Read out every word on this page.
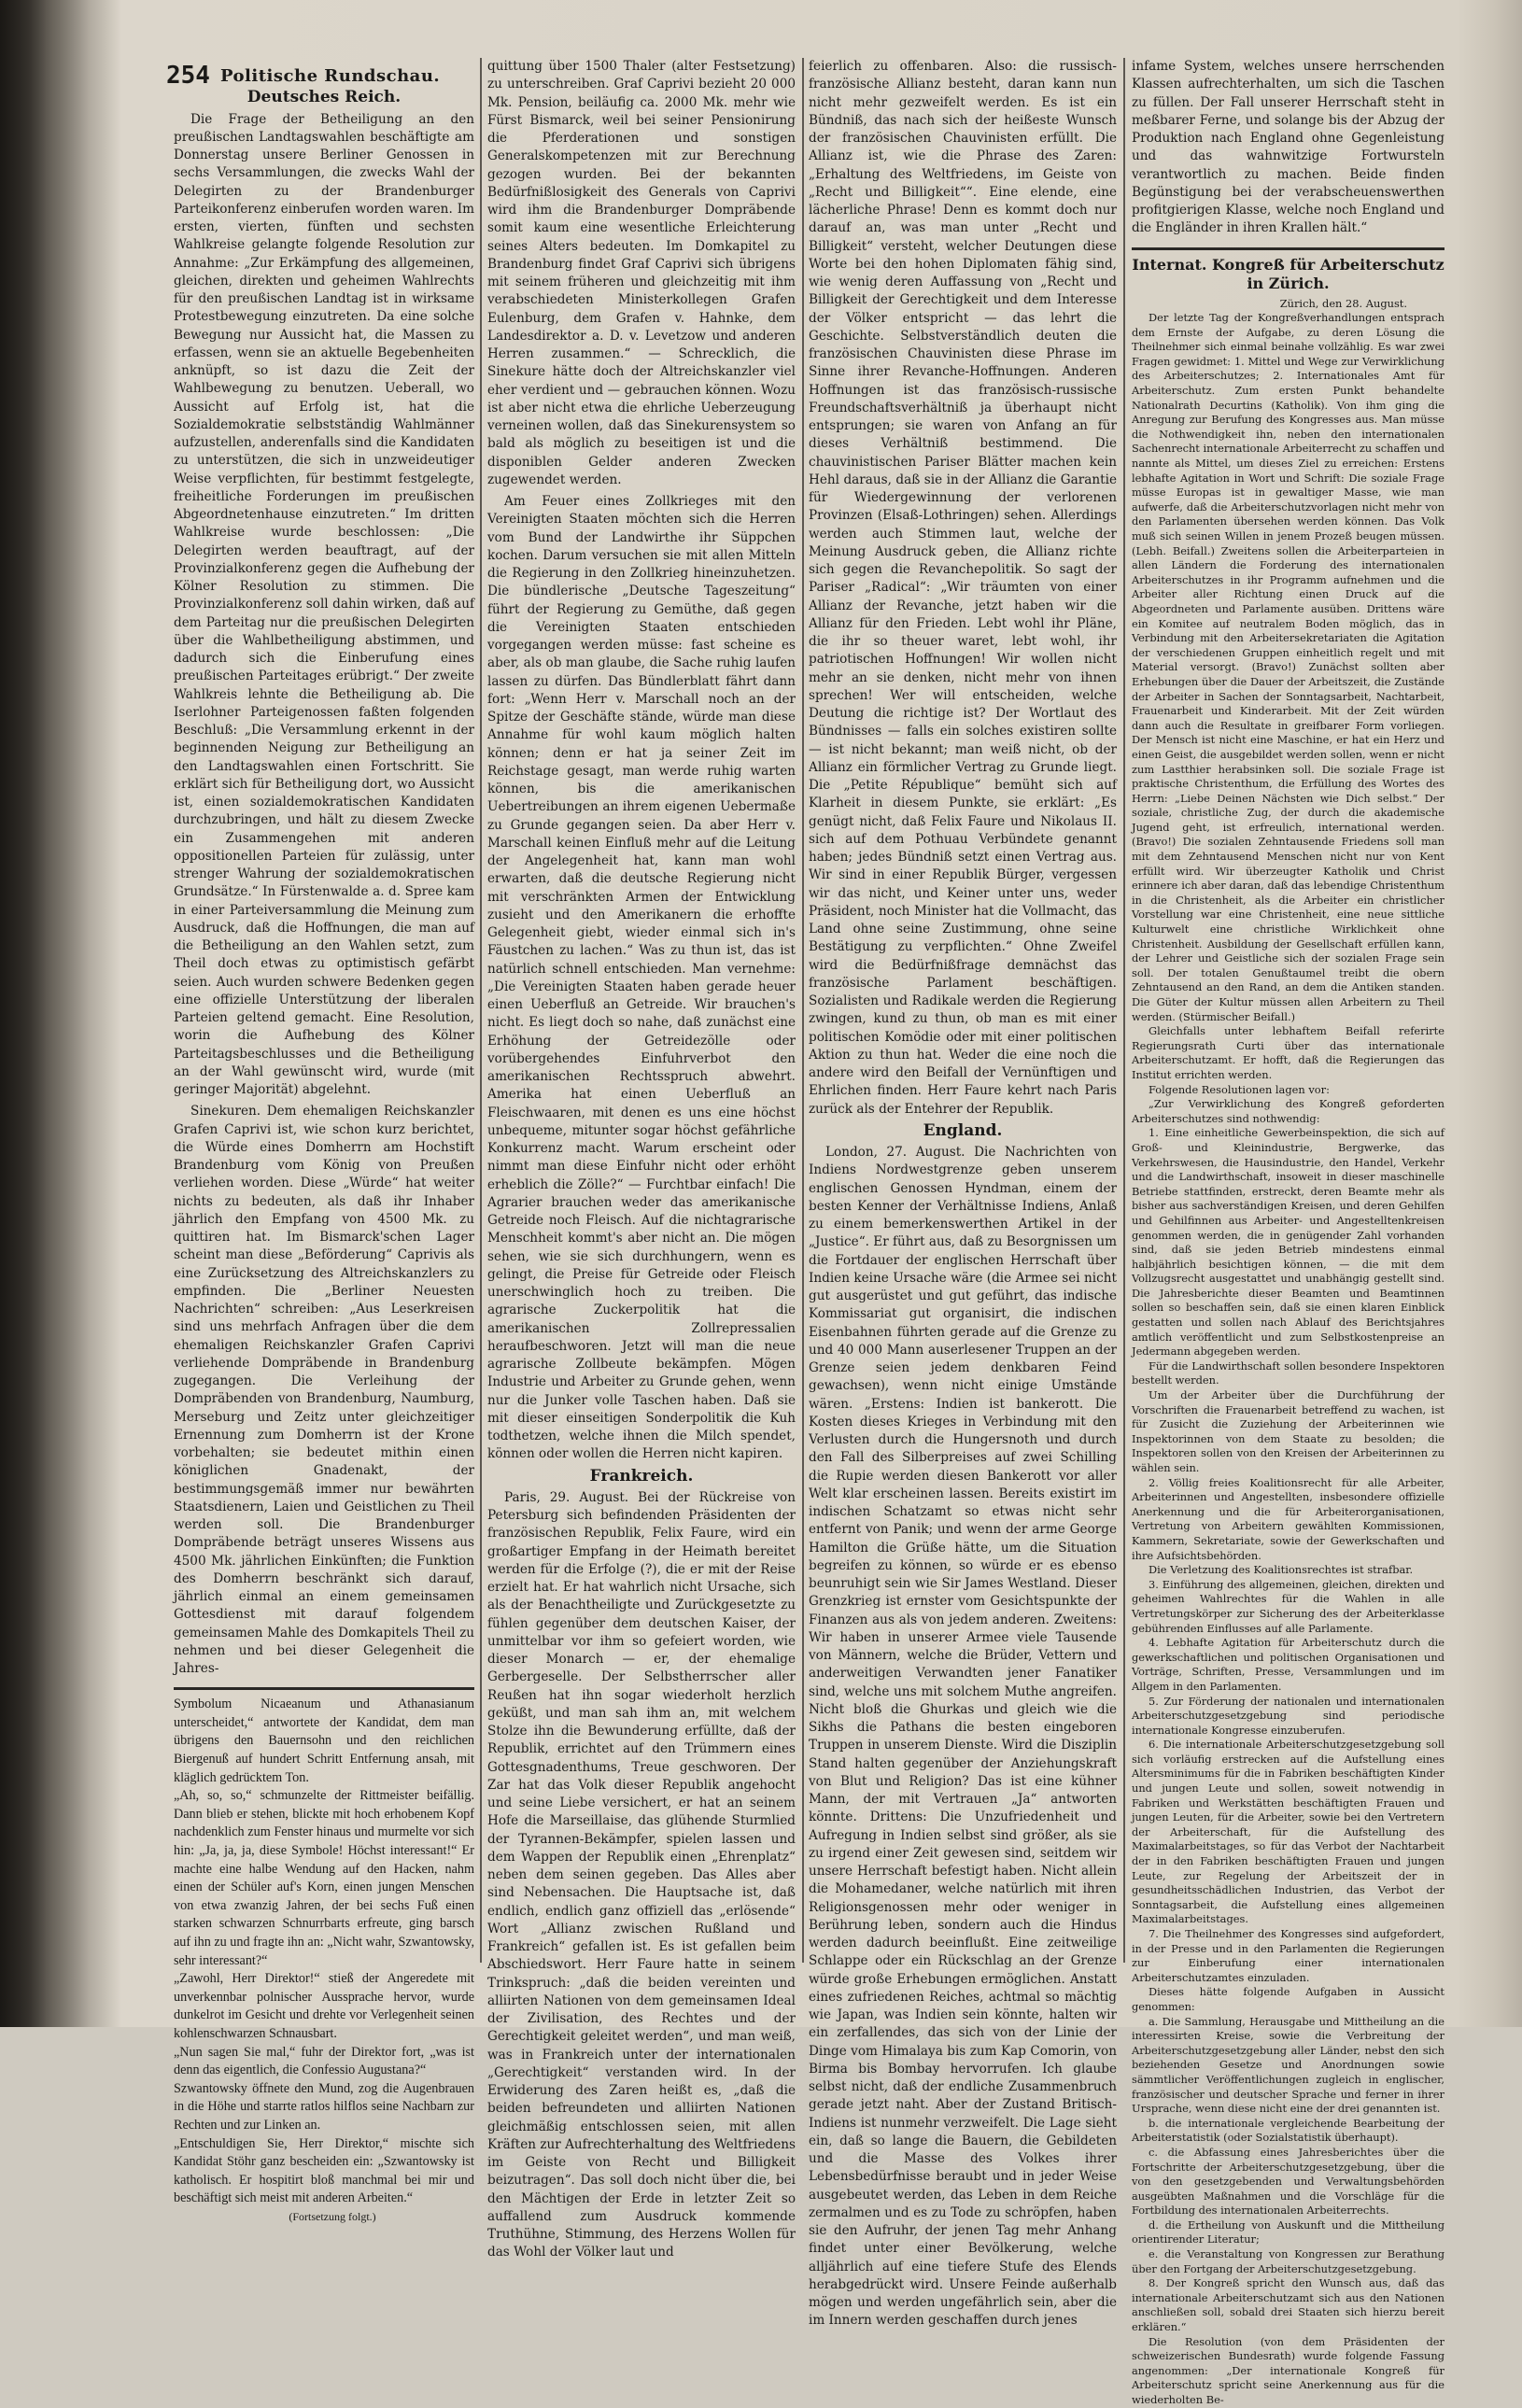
254 Politische Rundschau.
Deutsches Reich.

Die Frage der Betheiligung an den preußischen Landtagswahlen beschäftigte am Donnerstag unsere Berliner Genossen in sechs Versammlungen, die zwecks Wahl der Delegirten zu der Brandenburger Parteikonferenz einberufen worden waren. Im ersten, vierten, fünften und sechsten Wahlkreise gelangte folgende Resolution zur Annahme: „Zur Erkämpfung des allgemeinen, gleichen, direkten und geheimen Wahlrechts für den preußischen Landtag ist in wirksame Protestbewegung einzutreten. Da eine solche Bewegung nur Aussicht hat, die Massen zu erfassen, wenn sie an aktuelle Begebenheiten anknüpft, so ist dazu die Zeit der Wahlbewegung zu benutzen. Ueberall, wo Aussicht auf Erfolg ist, hat die Sozialdemokratie selbstständig Wahlmänner aufzustellen, anderenfalls sind die Kandidaten zu unterstützen, die sich in unzweideutiger Weise verpflichten, für bestimmt festgelegte, freiheitliche Forderungen im preußischen Abgeordnetenhause einzutreten.“ Im dritten Wahlkreise wurde beschlossen: „Die Delegirten werden beauftragt, auf der Provinzialkonferenz gegen die Aufhebung der Kölner Resolution zu stimmen. Die Provinzialkonferenz soll dahin wirken, daß auf dem Parteitag nur die preußischen Delegirten über die Wahlbetheiligung abstimmen, und dadurch sich die Einberufung eines preußischen Parteitages erübrigt.“ Der zweite Wahlkreis lehnte die Betheiligung ab. Die Iserlohner Parteigenossen faßten folgenden Beschluß: „Die Versammlung erkennt in der beginnenden Neigung zur Betheiligung an den Landtagswahlen einen Fortschritt. Sie erklärt sich für Betheiligung dort, wo Aussicht ist, einen sozialdemokratischen Kandidaten durchzubringen, und hält zu diesem Zwecke ein Zusammengehen mit anderen oppositionellen Parteien für zulässig, unter strenger Wahrung der sozialdemokratischen Grundsätze.“ In Fürstenwalde a. d. Spree kam in einer Parteiversammlung die Meinung zum Ausdruck, daß die Hoffnungen, die man auf die Betheiligung an den Wahlen setzt, zum Theil doch etwas zu optimistisch gefärbt seien. Auch wurden schwere Bedenken gegen eine offizielle Unterstützung der liberalen Parteien geltend gemacht. Eine Resolution, worin die Aufhebung des Kölner Parteitagsbeschlusses und die Betheiligung an der Wahl gewünscht wird, wurde (mit geringer Majorität) abgelehnt.

Sinekuren. Dem ehemaligen Reichskanzler Grafen Caprivi ist, wie schon kurz berichtet, die Würde eines Domherrn am Hochstift Brandenburg vom König von Preußen verliehen worden. Diese „Würde“ hat weiter nichts zu bedeuten, als daß ihr Inhaber jährlich den Empfang von 4500 Mk. zu quittiren hat. Im Bismarck'schen Lager scheint man diese „Beförderung“ Caprivis als eine Zurücksetzung des Altreichskanzlers zu empfinden. Die „Berliner Neuesten Nachrichten“ schreiben: „Aus Leserkreisen sind uns mehrfach Anfragen über die dem ehemaligen Reichskanzler Grafen Caprivi verliehende Dompräbende in Brandenburg zugegangen. Die Verleihung der Dompräbenden von Brandenburg, Naumburg, Merseburg und Zeitz unter gleichzeitiger Ernennung zum Domherrn ist der Krone vorbehalten; sie bedeutet mithin einen königlichen Gnadenakt, der bestimmungsgemäß immer nur bewährten Staatsdienern, Laien und Geistlichen zu Theil werden soll. Die Brandenburger Dompräbende beträgt unseres Wissens aus 4500 Mk. jährlichen Einkünften; die Funktion des Domherrn beschränkt sich darauf, jährlich einmal an einem gemeinsamen Gottesdienst mit darauf folgendem gemeinsamen Mahle des Domkapitels Theil zu nehmen und bei dieser Gelegenheit die Jahres-

Symbolum Nicaeanum und Athanasianum unterscheidet,“ antwortete der Kandidat, dem man übrigens den Bauernsohn und den reichlichen Biergenuß auf hundert Schritt Entfernung ansah, mit kläglich gedrücktem Ton.
„Ah, so, so,“ schmunzelte der Rittmeister beifällig. Dann blieb er stehen, blickte mit hoch erhobenem Kopf nachdenklich zum Fenster hinaus und murmelte vor sich hin: „Ja, ja, ja, diese Symbole! Höchst interessant!“ Er machte eine halbe Wendung auf den Hacken, nahm einen der Schüler auf's Korn, einen jungen Menschen von etwa zwanzig Jahren, der bei sechs Fuß einen starken schwarzen Schnurrbarts erfreute, ging barsch auf ihn zu und fragte ihn an: „Nicht wahr, Szwantowsky, sehr interessant?“
„Zawohl, Herr Direktor!“ stieß der Angeredete mit unverkennbar polnischer Aussprache hervor, wurde dunkelrot im Gesicht und drehte vor Verlegenheit seinen kohlenschwarzen Schnausbart.
„Nun sagen Sie mal,“ fuhr der Direktor fort, „was ist denn das eigentlich, die Confessio Augustana?“
Szwantowsky öffnete den Mund, zog die Augenbrauen in die Höhe und starrte ratlos hilflos seine Nachbarn zur Rechten und zur Linken an.
„Entschuldigen Sie, Herr Direktor,“ mischte sich Kandidat Stöhr ganz bescheiden ein: „Szwantowsky ist katholisch. Er hospitirt bloß manchmal bei mir und beschäftigt sich meist mit anderen Arbeiten.“

(Fortsetzung folgt.)

quittung über 1500 Thaler (alter Festsetzung) zu unterschreiben. Graf Caprivi bezieht 20 000 Mk. Pension, beiläufig ca. 2000 Mk. mehr wie Fürst Bismarck, weil bei seiner Pensionirung die Pferderationen und sonstigen Generalskompetenzen mit zur Berechnung gezogen wurden. Bei der bekannten Bedürfnißlosigkeit des Generals von Caprivi wird ihm die Brandenburger Dompräbende somit kaum eine wesentliche Erleichterung seines Alters bedeuten. Im Domkapitel zu Brandenburg findet Graf Caprivi sich übrigens mit seinem früheren und gleichzeitig mit ihm verabschiedeten Ministerkollegen Grafen Eulenburg, dem Grafen v. Hahnke, dem Landesdirektor a. D. v. Levetzow und anderen Herren zusammen.“ — Schrecklich, die Sinekure hätte doch der Altreichskanzler viel eher verdient und — gebrauchen können. Wozu ist aber nicht etwa die ehrliche Ueberzeugung verneinen wollen, daß das Sinekurensystem so bald als möglich zu beseitigen ist und die disponiblen Gelder anderen Zwecken zugewendet werden.

Am Feuer eines Zollkrieges mit den Vereinigten Staaten möchten sich die Herren vom Bund der Landwirthe ihr Süppchen kochen. Darum versuchen sie mit allen Mitteln die Regierung in den Zollkrieg hineinzuhetzen. Die bündlerische „Deutsche Tageszeitung“ führt der Regierung zu Gemüthe, daß gegen die Vereinigten Staaten entschieden vorgegangen werden müsse: fast scheine es aber, als ob man glaube, die Sache ruhig laufen lassen zu dürfen. Das Bündlerblatt fährt dann fort: „Wenn Herr v. Marschall noch an der Spitze der Geschäfte stände, würde man diese Annahme für wohl kaum möglich halten können; denn er hat ja seiner Zeit im Reichstage gesagt, man werde ruhig warten können, bis die amerikanischen Uebertreibungen an ihrem eigenen Uebermaße zu Grunde gegangen seien. Da aber Herr v. Marschall keinen Einfluß mehr auf die Leitung der Angelegenheit hat, kann man wohl erwarten, daß die deutsche Regierung nicht mit verschränkten Armen der Entwicklung zusieht und den Amerikanern die erhoffte Gelegenheit giebt, wieder einmal sich in's Fäustchen zu lachen.“ Was zu thun ist, das ist natürlich schnell entschieden. Man vernehme: „Die Vereinigten Staaten haben gerade heuer einen Ueberfluß an Getreide. Wir brauchen's nicht. Es liegt doch so nahe, daß zunächst eine Erhöhung der Getreidezölle oder vorübergehendes Einfuhrverbot den amerikanischen Rechtsspruch abwehrt. Amerika hat einen Ueberfluß an Fleischwaaren, mit denen es uns eine höchst unbequeme, mitunter sogar höchst gefährliche Konkurrenz macht. Warum erscheint oder nimmt man diese Einfuhr nicht oder erhöht erheblich die Zölle?“ — Furchtbar einfach! Die Agrarier brauchen weder das amerikanische Getreide noch Fleisch. Auf die nichtagrarische Menschheit kommt's aber nicht an. Die mögen sehen, wie sie sich durchhungern, wenn es gelingt, die Preise für Getreide oder Fleisch unerschwinglich hoch zu treiben. Die agrarische Zuckerpolitik hat die amerikanischen Zollrepressalien heraufbeschworen. Jetzt will man die neue agrarische Zollbeute bekämpfen. Mögen Industrie und Arbeiter zu Grunde gehen, wenn nur die Junker volle Taschen haben. Daß sie mit dieser einseitigen Sonderpolitik die Kuh todthetzen, welche ihnen die Milch spendet, können oder wollen die Herren nicht kapiren.

Frankreich.

Paris, 29. August. Bei der Rückreise von Petersburg sich befindenden Präsidenten der französischen Republik, Felix Faure, wird ein großartiger Empfang in der Heimath bereitet werden für die Erfolge (?), die er mit der Reise erzielt hat. Er hat wahrlich nicht Ursache, sich als der Benachtheiligte und Zurückgesetzte zu fühlen gegenüber dem deutschen Kaiser, der unmittelbar vor ihm so gefeiert worden, wie dieser Monarch — er, der ehemalige Gerbergeselle. Der Selbstherrscher aller Reußen hat ihn sogar wiederholt herzlich geküßt, und man sah ihm an, mit welchem Stolze ihn die Bewunderung erfüllte, daß der Republik, errichtet auf den Trümmern eines Gottesgnadenthums, Treue geschworen. Der Zar hat das Volk dieser Republik angehocht und seine Liebe versichert, er hat an seinem Hofe die Marseillaise, das glühende Sturmlied der Tyrannen-Bekämpfer, spielen lassen und dem Wappen der Republik einen „Ehrenplatz“ neben dem seinen gegeben. Das Alles aber sind Nebensachen. Die Hauptsache ist, daß endlich, endlich ganz offiziell das „erlösende“ Wort „Allianz zwischen Rußland und Frankreich“ gefallen ist. Es ist gefallen beim Abschiedswort. Herr Faure hatte in seinem Trinkspruch: „daß die beiden vereinten und alliirten Nationen von dem gemeinsamen Ideal der Zivilisation, des Rechtes und der Gerechtigkeit geleitet werden“, und man weiß, was in Frankreich unter der internationalen „Gerechtigkeit“ verstanden wird. In der Erwiderung des Zaren heißt es, „daß die beiden befreundeten und alliirten Nationen gleichmäßig entschlossen seien, mit allen Kräften zur Aufrechterhaltung des Weltfriedens im Geiste von Recht und Billigkeit beizutragen“. Das soll doch nicht über die, bei den Mächtigen der Erde in letzter Zeit so auffallend zum Ausdruck kommende Truthühne, Stimmung, des Herzens Wollen für das Wohl der Völker laut und

feierlich zu offenbaren. Also: die russisch-französische Allianz besteht, daran kann nun nicht mehr gezweifelt werden. Es ist ein Bündniß, das nach sich der heißeste Wunsch der französischen Chauvinisten erfüllt. Die Allianz ist, wie die Phrase des Zaren: „Erhaltung des Weltfriedens, im Geiste von „Recht und Billigkeit““. Eine elende, eine lächerliche Phrase! Denn es kommt doch nur darauf an, was man unter „Recht und Billigkeit“ versteht, welcher Deutungen diese Worte bei den hohen Diplomaten fähig sind, wie wenig deren Auffassung von „Recht und Billigkeit der Gerechtigkeit und dem Interesse der Völker entspricht — das lehrt die Geschichte. Selbstverständlich deuten die französischen Chauvinisten diese Phrase im Sinne ihrer Revanche-Hoffnungen. Anderen Hoffnungen ist das französisch-russische Freundschaftsverhältniß ja überhaupt nicht entsprungen; sie waren von Anfang an für dieses Verhältniß bestimmend. Die chauvinistischen Pariser Blätter machen kein Hehl daraus, daß sie in der Allianz die Garantie für Wiedergewinnung der verlorenen Provinzen (Elsaß-Lothringen) sehen. Allerdings werden auch Stimmen laut, welche der Meinung Ausdruck geben, die Allianz richte sich gegen die Revanchepolitik. So sagt der Pariser „Radical“: „Wir träumten von einer Allianz der Revanche, jetzt haben wir die Allianz für den Frieden. Lebt wohl ihr Pläne, die ihr so theuer waret, lebt wohl, ihr patriotischen Hoffnungen! Wir wollen nicht mehr an sie denken, nicht mehr von ihnen sprechen! Wer will entscheiden, welche Deutung die richtige ist? Der Wortlaut des Bündnisses — falls ein solches existiren sollte — ist nicht bekannt; man weiß nicht, ob der Allianz ein förmlicher Vertrag zu Grunde liegt. Die „Petite République“ bemüht sich auf Klarheit in diesem Punkte, sie erklärt: „Es genügt nicht, daß Felix Faure und Nikolaus II. sich auf dem Pothuau Verbündete genannt haben; jedes Bündniß setzt einen Vertrag aus. Wir sind in einer Republik Bürger, vergessen wir das nicht, und Keiner unter uns, weder Präsident, noch Minister hat die Vollmacht, das Land ohne seine Zustimmung, ohne seine Bestätigung zu verpflichten.“ Ohne Zweifel wird die Bedürfnißfrage demnächst das französische Parlament beschäftigen. Sozialisten und Radikale werden die Regierung zwingen, kund zu thun, ob man es mit einer politischen Komödie oder mit einer politischen Aktion zu thun hat. Weder die eine noch die andere wird den Beifall der Vernünftigen und Ehrlichen finden. Herr Faure kehrt nach Paris zurück als der Entehrer der Republik.

England.

London, 27. August. Die Nachrichten von Indiens Nordwestgrenze geben unserem englischen Genossen Hyndman, einem der besten Kenner der Verhältnisse Indiens, Anlaß zu einem bemerkenswerthen Artikel in der „Justice“. Er führt aus, daß zu Besorgnissen um die Fortdauer der englischen Herrschaft über Indien keine Ursache wäre (die Armee sei nicht gut ausgerüstet und gut geführt, das indische Kommissariat gut organisirt, die indischen Eisenbahnen führten gerade auf die Grenze zu und 40 000 Mann auserlesener Truppen an der Grenze seien jedem denkbaren Feind gewachsen), wenn nicht einige Umstände wären. „Erstens: Indien ist bankerott. Die Kosten dieses Krieges in Verbindung mit den Verlusten durch die Hungersnoth und durch den Fall des Silberpreises auf zwei Schilling die Rupie werden diesen Bankerott vor aller Welt klar erscheinen lassen. Bereits existirt im indischen Schatzamt so etwas nicht sehr entfernt von Panik; und wenn der arme George Hamilton die Grüße hätte, um die Situation begreifen zu können, so würde er es ebenso beunruhigt sein wie Sir James Westland. Dieser Grenzkrieg ist ernster vom Gesichtspunkte der Finanzen aus als von jedem anderen. Zweitens: Wir haben in unserer Armee viele Tausende von Männern, welche die Brüder, Vettern und anderweitigen Verwandten jener Fanatiker sind, welche uns mit solchem Muthe angreifen. Nicht bloß die Ghurkas und gleich wie die Sikhs die Pathans die besten eingeboren Truppen in unserem Dienste. Wird die Disziplin Stand halten gegenüber der Anziehungskraft von Blut und Religion? Das ist eine kühner Mann, der mit Vertrauen „Ja“ antworten könnte. Drittens: Die Unzufriedenheit und Aufregung in Indien selbst sind größer, als sie zu irgend einer Zeit gewesen sind, seitdem wir unsere Herrschaft befestigt haben. Nicht allein die Mohamedaner, welche natürlich mit ihren Religionsgenossen mehr oder weniger in Berührung leben, sondern auch die Hindus werden dadurch beeinflußt. Eine zeitweilige Schlappe oder ein Rückschlag an der Grenze würde große Erhebungen ermöglichen. Anstatt eines zufriedenen Reiches, achtmal so mächtig wie Japan, was Indien sein könnte, halten wir ein zerfallendes, das sich von der Linie der Dinge vom Himalaya bis zum Kap Comorin, von Birma bis Bombay hervorrufen. Ich glaube selbst nicht, daß der endliche Zusammenbruch gerade jetzt naht. Aber der Zustand Britisch-Indiens ist nunmehr verzweifelt. Die Lage sieht ein, daß so lange die Bauern, die Gebildeten und die Masse des Volkes ihrer Lebensbedürfnisse beraubt und in jeder Weise ausgebeutet werden, das Leben in dem Reiche zermalmen und es zu Tode zu schröpfen, haben sie den Aufruhr, der jenen Tag mehr Anhang findet unter einer Bevölkerung, welche alljährlich auf eine tiefere Stufe des Elends herabgedrückt wird. Unsere Feinde außerhalb mögen und werden ungefährlich sein, aber die im Innern werden geschaffen durch jenes

infame System, welches unsere herrschenden Klassen aufrechterhalten, um sich die Taschen zu füllen. Der Fall unserer Herrschaft steht in meßbarer Ferne, und solange bis der Abzug der Produktion nach England ohne Gegenleistung und das wahnwitzige Fortwursteln verantwortlich zu machen. Beide finden Begünstigung bei der verabscheuenswerthen profitgierigen Klasse, welche noch England und die Engländer in ihren Krallen hält.“

Internat. Kongreß für Arbeiterschutz in Zürich.

Zürich, den 28. August.

Der letzte Tag der Kongreßverhandlungen entsprach dem Ernste der Aufgabe, zu deren Lösung die Theilnehmer sich einmal beinahe vollzählig. Es war zwei Fragen gewidmet: 1. Mittel und Wege zur Verwirklichung des Arbeiterschutzes; 2. Internationales Amt für Arbeiterschutz. Zum ersten Punkt behandelte Nationalrath Decurtins (Katholik). Von ihm ging die Anregung zur Berufung des Kongresses aus. Man müsse die Nothwendigkeit ihn, neben den internationalen Sachenrecht internationale Arbeiterrecht zu schaffen und nannte als Mittel, um dieses Ziel zu erreichen: Erstens lebhafte Agitation in Wort und Schrift: Die soziale Frage müsse Europas ist in gewaltiger Masse, wie man aufwerfe, daß die Arbeiterschutzvorlagen nicht mehr von den Parlamenten übersehen werden können. Das Volk muß sich seinen Willen in jenem Prozeß beugen müssen. (Lebh. Beifall.) Zweitens sollen die Arbeiterparteien in allen Ländern die Forderung des internationalen Arbeiterschutzes in ihr Programm aufnehmen und die Arbeiter aller Richtung einen Druck auf die Abgeordneten und Parlamente ausüben. Drittens wäre ein Komitee auf neutralem Boden möglich, das in Verbindung mit den Arbeitersekretariaten die Agitation der verschiedenen Gruppen einheitlich regelt und mit Material versorgt. (Bravo!) Zunächst sollten aber Erhebungen über die Dauer der Arbeitszeit, die Zustände der Arbeiter in Sachen der Sonntagsarbeit, Nachtarbeit, Frauenarbeit und Kinderarbeit. Mit der Zeit würden dann auch die Resultate in greifbarer Form vorliegen. Der Mensch ist nicht eine Maschine, er hat ein Herz und einen Geist, die ausgebildet werden sollen, wenn er nicht zum Lastthier herabsinken soll. Die soziale Frage ist praktische Christenthum, die Erfüllung des Wortes des Herrn: „Liebe Deinen Nächsten wie Dich selbst.“ Der soziale, christliche Zug, der durch die akademische Jugend geht, ist erfreulich, international werden. (Bravo!) Die sozialen Zehntausende Friedens soll man mit dem Zehntausend Menschen nicht nur von Kent erfüllt wird. Wir überzeugter Katholik und Christ erinnere ich aber daran, daß das lebendige Christenthum in die Christenheit, als die Arbeiter ein christlicher Vorstellung war eine Christenheit, eine neue sittliche Kulturwelt eine christliche Wirklichkeit ohne Christenheit. Ausbildung der Gesellschaft erfüllen kann, der Lehrer und Geistliche sich der sozialen Frage sein soll. Der totalen Genußtaumel treibt die obern Zehntausend an den Rand, an dem die Antiken standen. Die Güter der Kultur müssen allen Arbeitern zu Theil werden. (Stürmischer Beifall.)

Gleichfalls unter lebhaftem Beifall referirte Regierungsrath Curti über das internationale Arbeiterschutzamt. Er hofft, daß die Regierungen das Institut errichten werden.

Folgende Resolutionen lagen vor:

„Zur Verwirklichung des Kongreß geforderten Arbeiterschutzes sind nothwendig:

1. Eine einheitliche Gewerbeinspektion, die sich auf Groß- und Kleinindustrie, Bergwerke, das Verkehrswesen, die Hausindustrie, den Handel, Verkehr und die Landwirthschaft, insoweit in dieser maschinelle Betriebe stattfinden, erstreckt, deren Beamte mehr als bisher aus sachverständigen Kreisen, und deren Gehilfen und Gehilfinnen aus Arbeiter- und Angestelltenkreisen genommen werden, die in genügender Zahl vorhanden sind, daß sie jeden Betrieb mindestens einmal halbjährlich besichtigen können, — die mit dem Vollzugsrecht ausgestattet und unabhängig gestellt sind. Die Jahresberichte dieser Beamten und Beamtinnen sollen so beschaffen sein, daß sie einen klaren Einblick gestatten und sollen nach Ablauf des Berichtsjahres amtlich veröffentlicht und zum Selbstkostenpreise an Jedermann abgegeben werden.

Für die Landwirthschaft sollen besondere Inspektoren bestellt werden.

Um der Arbeiter über die Durchführung der Vorschriften die Frauenarbeit betreffend zu wachen, ist für Zusicht die Zuziehung der Arbeiterinnen wie Inspektorinnen von dem Staate zu besolden; die Inspektoren sollen von den Kreisen der Arbeiterinnen zu wählen sein.

2. Völlig freies Koalitionsrecht für alle Arbeiter, Arbeiterinnen und Angestellten, insbesondere offizielle Anerkennung und die für Arbeiterorganisationen, Vertretung von Arbeitern gewählten Kommissionen, Kammern, Sekretariate, sowie der Gewerkschaften und ihre Aufsichtsbehörden.

Die Verletzung des Koalitionsrechtes ist strafbar.

3. Einführung des allgemeinen, gleichen, direkten und geheimen Wahlrechtes für die Wahlen in alle Vertretungskörper zur Sicherung des der Arbeiterklasse gebührenden Einflusses auf alle Parlamente.

4. Lebhafte Agitation für Arbeiterschutz durch die gewerkschaftlichen und politischen Organisationen und Vorträge, Schriften, Presse, Versammlungen und im Allgem in den Parlamenten.

5. Zur Förderung der nationalen und internationalen Arbeiterschutzgesetzgebung sind periodische internationale Kongresse einzuberufen.

6. Die internationale Arbeiterschutzgesetzgebung soll sich vorläufig erstrecken auf die Aufstellung eines Altersminimums für die in Fabriken beschäftigten Kinder und jungen Leute und sollen, soweit notwendig in Fabriken und Werkstätten beschäftigten Frauen und jungen Leuten, für die Arbeiter, sowie bei den Vertretern der Arbeiterschaft, für die Aufstellung des Maximalarbeitstages, so für das Verbot der Nachtarbeit der in den Fabriken beschäftigten Frauen und jungen Leute, zur Regelung der Arbeitszeit der in gesundheitsschädlichen Industrien, das Verbot der Sonntagsarbeit, die Aufstellung eines allgemeinen Maximalarbeitstages.

7. Die Theilnehmer des Kongresses sind aufgefordert, in der Presse und in den Parlamenten die Regierungen zur Einberufung einer internationalen Arbeiterschutzamtes einzuladen.

Dieses hätte folgende Aufgaben in Aussicht genommen:

a. Die Sammlung, Herausgabe und Mittheilung an die interessirten Kreise, sowie die Verbreitung der Arbeiterschutzgesetzgebung aller Länder, nebst den sich beziehenden Gesetze und Anordnungen sowie sämmtlicher Veröffentlichungen zugleich in englischer, französischer und deutscher Sprache und ferner in ihrer Ursprache, wenn diese nicht eine der drei genannten ist.

b. die internationale vergleichende Bearbeitung der Arbeiterstatistik (oder Sozialstatistik überhaupt).

c. die Abfassung eines Jahresberichtes über die Fortschritte der Arbeiterschutzgesetzgebung, über die von den gesetzgebenden und Verwaltungsbehörden ausgeübten Maßnahmen und die Vorschläge für die Fortbildung des internationalen Arbeiterrechts.

d. die Ertheilung von Auskunft und die Mittheilung orientirender Literatur;

e. die Veranstaltung von Kongressen zur Berathung über den Fortgang der Arbeiterschutzgesetzgebung.

8. Der Kongreß spricht den Wunsch aus, daß das internationale Arbeiterschutzamt sich aus den Nationen anschließen soll, sobald drei Staaten sich hierzu bereit erklären.“

Die Resolution (von dem Präsidenten der schweizerischen Bundesrath) wurde folgende Fassung angenommen: „Der internationale Kongreß für Arbeiterschutz spricht seine Anerkennung aus für die wiederholten Be-
